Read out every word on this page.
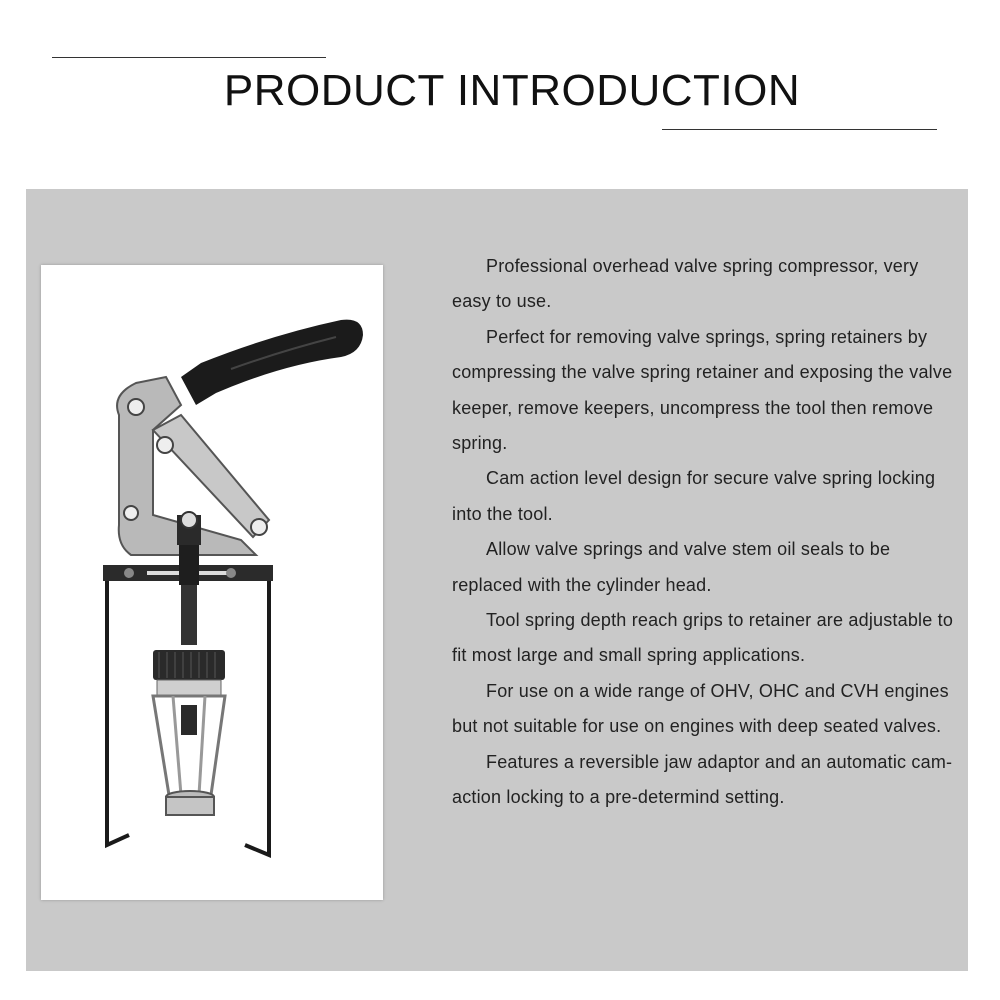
PRODUCT INTRODUCTION

Professional overhead valve spring compressor, very easy to use.

Perfect for removing valve springs, spring retainers by compressing the valve spring retainer and exposing the valve keeper, remove keepers, uncompress the tool then remove spring.

Cam action level design for secure valve spring locking into the tool.

Allow valve springs and valve stem oil seals to be replaced with the cylinder head.

Tool spring depth reach grips to retainer are adjustable to fit most large and small spring applications.

For use on a wide range of OHV, OHC and CVH engines but not suitable for use on engines with deep seated valves.

Features a reversible jaw adaptor and an automatic cam-action locking to a pre-determind setting.
